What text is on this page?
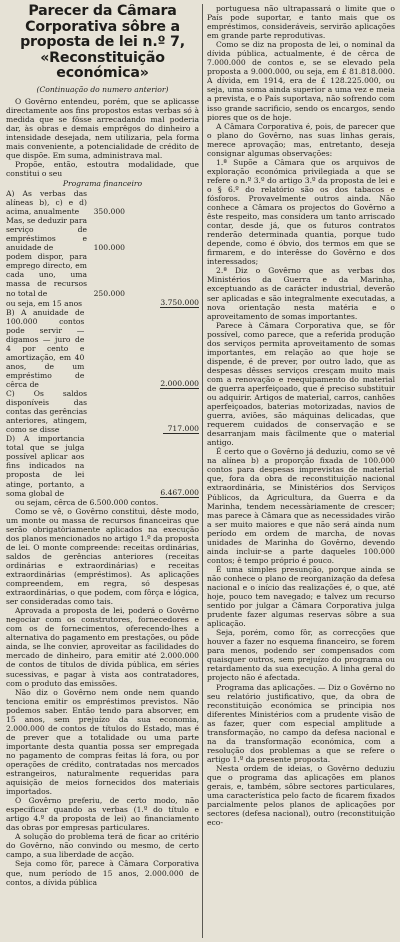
Parecer da Câmara Corporativa sôbre a proposta de lei n.º 7, «Reconstituição económica»
(Continuação do numero anterior)

O Govêrno entendeu, porém, que se aplicasse directamente aos fins propostos estas verbas só à medida que se fôsse arrecadando mal poderia dar, às obras e demais emprêgos do dinheiro a intensidade desejada, nem utilizaria, pela forma mais conveniente, a potencialidade de crédito de que dispõe. Em suma, administrava mal.

Propõe, então, estoutra modalidade, que constitui o seu

Programa financeiro
A) As verbas das alíneas b), c) e d) acima, anualmente	350.000
Mas, se deduzir para serviço de empréstimos e anuidade de	100.000
podem dispor, para emprego directo, em cada uno, uma massa de recursos no total de	250.000
ou seja, em 15 anos	3.750.000
B) A anuidade de 100.000 contos pode servir — digamos — juro de 4 por cento e amortização, em 40 anos, de um empréstimo de cêrca de	2.000.000
C) Os saldos disponíveis das contas das gerências anteriores, atingem, como se disse	717.000
D) A importancia total que se julga possível aplicar aos fins indicados na proposta de lei atinge, portanto, a soma global de	6.467.000

ou sejam, cêrca de 6.500.000 contos.

Como se vê, o Govêrno constitui, dêste modo, um monte ou massa de recursos financeiras que serão obrigatòriamente aplicados na execução dos planos mencionados no artigo 1.º da proposta de lei. O monte compreende: receitas ordinárias, saldos de gerências anteriores (receitas ordinárias e extraordinárias) e receitas extraordinárias (empréstimos). As aplicações compreendem, em regra, só despesas extraordinárias, o que podem, com fôrça e lógica, ser consideradas como tais.

Aprovada a proposta de lei, poderá o Govêrno negociar com os construtores, fornecedores e com os de fornecimentos, oferecendo-lhes a alternativa do pagamento em prestações, ou pôde ainda, se lhe convier, aproveitar as facilidades do mercado de dinheiro, para emitir até 2.000.000 de contos de títulos de dívida pública, em séries sucessivas, e pagar à vista aos contratadores, com o produto das emissões.

Não diz o Govêrno nem onde nem quando tenciona emitir os empréstimos previstos. Não podemos saber. Então tendo para absorver, em 15 anos, sem prejuízo da sua economia, 2.000.000 de contos de títulos do Estado, mas é de prever que a totalidade ou uma parte importante desta quantia possa ser empregada no pagamento de compras feitas lá fora, ou por operações de crédito, contratadas nos mercados estrangeiros, naturalmente requeridas para aquisição de meios fornecidos dos materiais importados.

O Govêrno preferiu, de certo modo, não especificar quando as verbas (1.º do título e artigo 4.º da proposta de lei) ao financiamento das obras por empresas particulares.

A solução do problema terá de ficar ao critério do Govêrno, não convindo ou mesmo, de certo campo, a sua liberdade de acção.

Seja como fôr, parece à Câmara Corporativa que, num período de 15 anos, 2.000.000 de contos, a dívida pública

portuguesa não ultrapassará o limite que o País pode suportar, e tanto mais que os empréstimos, consideráveis, servirão aplicações em grande parte reprodutivas.

Como se diz na proposta de lei, o nominal da dívida pública, actualmente, é de cêrca de 7.000.000 de contos e, se se elevado pela proposta a 9.000.000, ou seja, em £ 81.818.000. A dívida, em 1914, era de £ 128.225.000, ou seja, uma soma ainda superior a uma vez e meia a prevista, e o País suportava, não sofrendo com isso grande sacrificio, sendo os encargos, sendo piores que os de hoje.

A Câmara Corporativa é, pois, de parecer que o plano do Govêrno, nas suas linhas gerais, merece aprovação; mas, entretanto, deseja consignar algumas observações:

1.ª Supõe a Câmara que os arquivos de exploração económica privilegiada a que se refere o n.º 3.º do artigo 3.º da proposta de lei e o § 6.º do relatório são os dos tabacos e fósforos. Provavelmente outros ainda. Não conhece a Câmara os projectos do Govêrno a êste respeito, mas considera um tanto arriscado contar, desde já, que os futuros contratos renderão determinada quantia, porque tudo depende, como é óbvio, dos termos em que se firmarem, e do interêsse do Govêrno e dos interessados;

2.ª Diz o Govêrno que as verbas dos Ministérios da Guerra e da Marinha, exceptuando as de carácter industrial, deverão ser aplicadas e são integralmente executadas, a nova orientação nesta matéria e o aproveitamento de somas importantes.

Parece à Câmara Corporativa que, se fôr possível, como parece, que a referida produção dos serviços permita aproveitamento de somas importantes, em relação ao que hoje se dispende, é de prever, por outro lado, que as despesas dêsses serviços cresçam muito mais com a renovação e reequipamento do material de guerra aperfeiçoado, que é preciso substituir ou adquirir. Artigos de material, carros, canhões aperfeiçoados, baterias motorizadas, navios de guerra, aviões, são máquinas delicadas, que requerem cuidados de conservação e se desarranjam mais fàcilmente que o material antigo.

É certo que o Govêrno já deduziu, como se vê na alínea b) a proporção fixada de 100.000 contos para despesas imprevistas de material que, fora da obra de reconstituição nacional extraordinária, se Ministérios dos Serviços Públicos, da Agricultura, da Guerra e da Marinha, tendem necessàriamente de crescer; mas parece à Câmara que as necessidades virão a ser muito maiores e que não será ainda num período em ordem de marcha, de novas unidades de Marinha do Govêrno, devendo ainda incluir-se a parte daqueles 100.000 contos; ê tempo próprio é pouco.

É uma simples presunção, porque ainda se não conhece o plano de reorganização da defesa nacional e o início das realizações é, o que, até hoje, pouco tem navegado; e talvez um recurso sentido por julgar a Câmara Corporativa julga prudente fazer algumas reservas sôbre a sua aplicação.

Seja, porém, como fôr, as correcções que houver a fazer no esquema financeiro, se forem para menos, podendo ser compensados com quaisquer outros, sem prejuízo do programa ou retardamento da sua execução. A linha geral do projecto não é afectada.

Programa das aplicações. — Diz o Govêrno no seu relatório justificativo, que, da obra de reconstituição económica se principia nos diferentes Ministérios com a prudente visão de as fazer, quer com especial amplitude a transformação, no campo da defesa nacional e na da transformação económica, com a resolução dos problemas a que se refere o artigo 1.º da presente proposta.

Nesta ordem de ideias, o Govêrno deduziu que o programa das aplicações em planos gerais, e, também, sôbre sectores particulares, uma característica pelo facto de ficarem fixados parcialmente pelos planos de aplicações por sectores (defesa nacional), outro (reconstituição eco-
